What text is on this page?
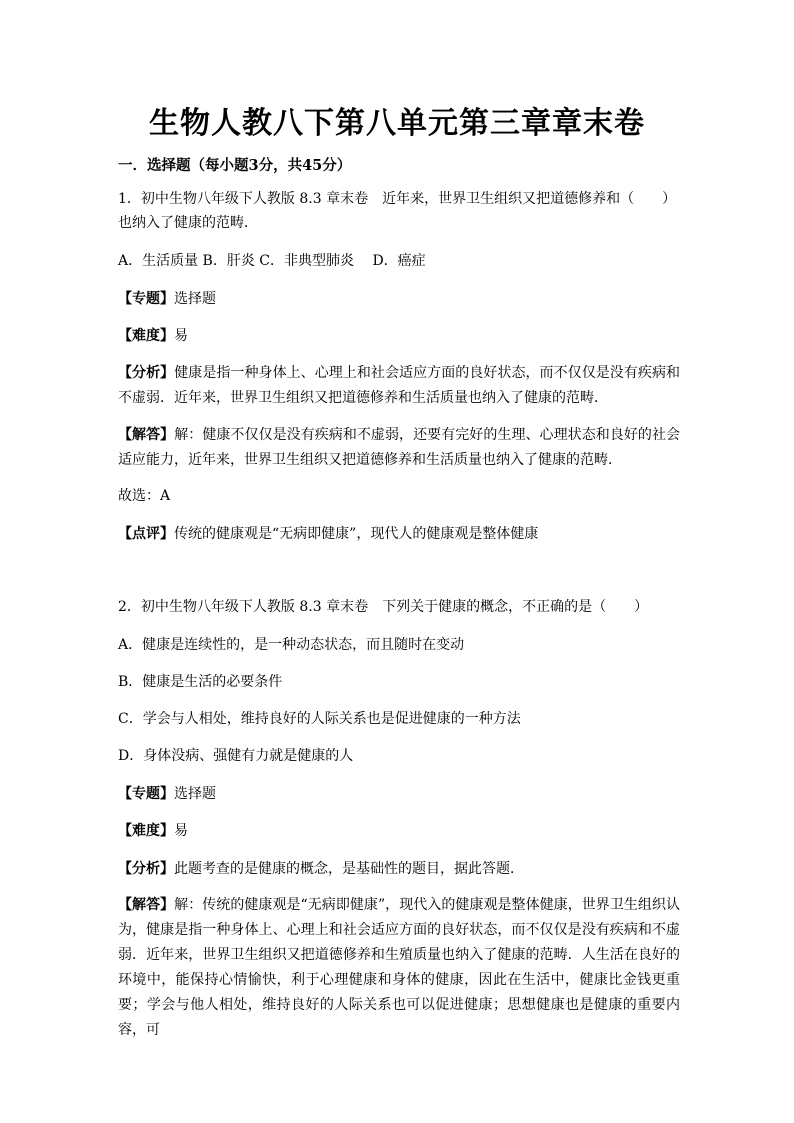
生物人教八下第八单元第三章章末卷
一．选择题（每小题3分，共45分）
1．初中生物八年级下人教版 8.3 章末卷　近年来，世界卫生组织又把道德修养和（　　）
也纳入了健康的范畴．
A．生活质量 B．肝炎 C．非典型肺炎　 D．癌症
【专题】选择题
【难度】易
【分析】健康是指一种身体上、心理上和社会适应方面的良好状态，而不仅仅是没有疾病和不虚弱．近年来，世界卫生组织又把道德修养和生活质量也纳入了健康的范畴．
【解答】解：健康不仅仅是没有疾病和不虚弱，还要有完好的生理、心理状态和良好的社会适应能力，近年来，世界卫生组织又把道德修养和生活质量也纳入了健康的范畴．
故选：A
【点评】传统的健康观是“无病即健康”，现代人的健康观是整体健康
2．初中生物八年级下人教版 8.3 章末卷　下列关于健康的概念，不正确的是（　　）
A．健康是连续性的，是一种动态状态，而且随时在变动
B．健康是生活的必要条件
C．学会与人相处，维持良好的人际关系也是促进健康的一种方法
D．身体没病、强健有力就是健康的人
【专题】选择题
【难度】易
【分析】此题考查的是健康的概念，是基础性的题目，据此答题．
【解答】解：传统的健康观是“无病即健康”，现代入的健康观是整体健康，世界卫生组织认为，健康是指一种身体上、心理上和社会适应方面的良好状态，而不仅仅是没有疾病和不虚弱．近年来，世界卫生组织又把道德修养和生殖质量也纳入了健康的范畴．人生活在良好的环境中，能保持心情愉快，利于心理健康和身体的健康，因此在生活中，健康比金钱更重要；学会与他人相处，维持良好的人际关系也可以促进健康；思想健康也是健康的重要内容，可
